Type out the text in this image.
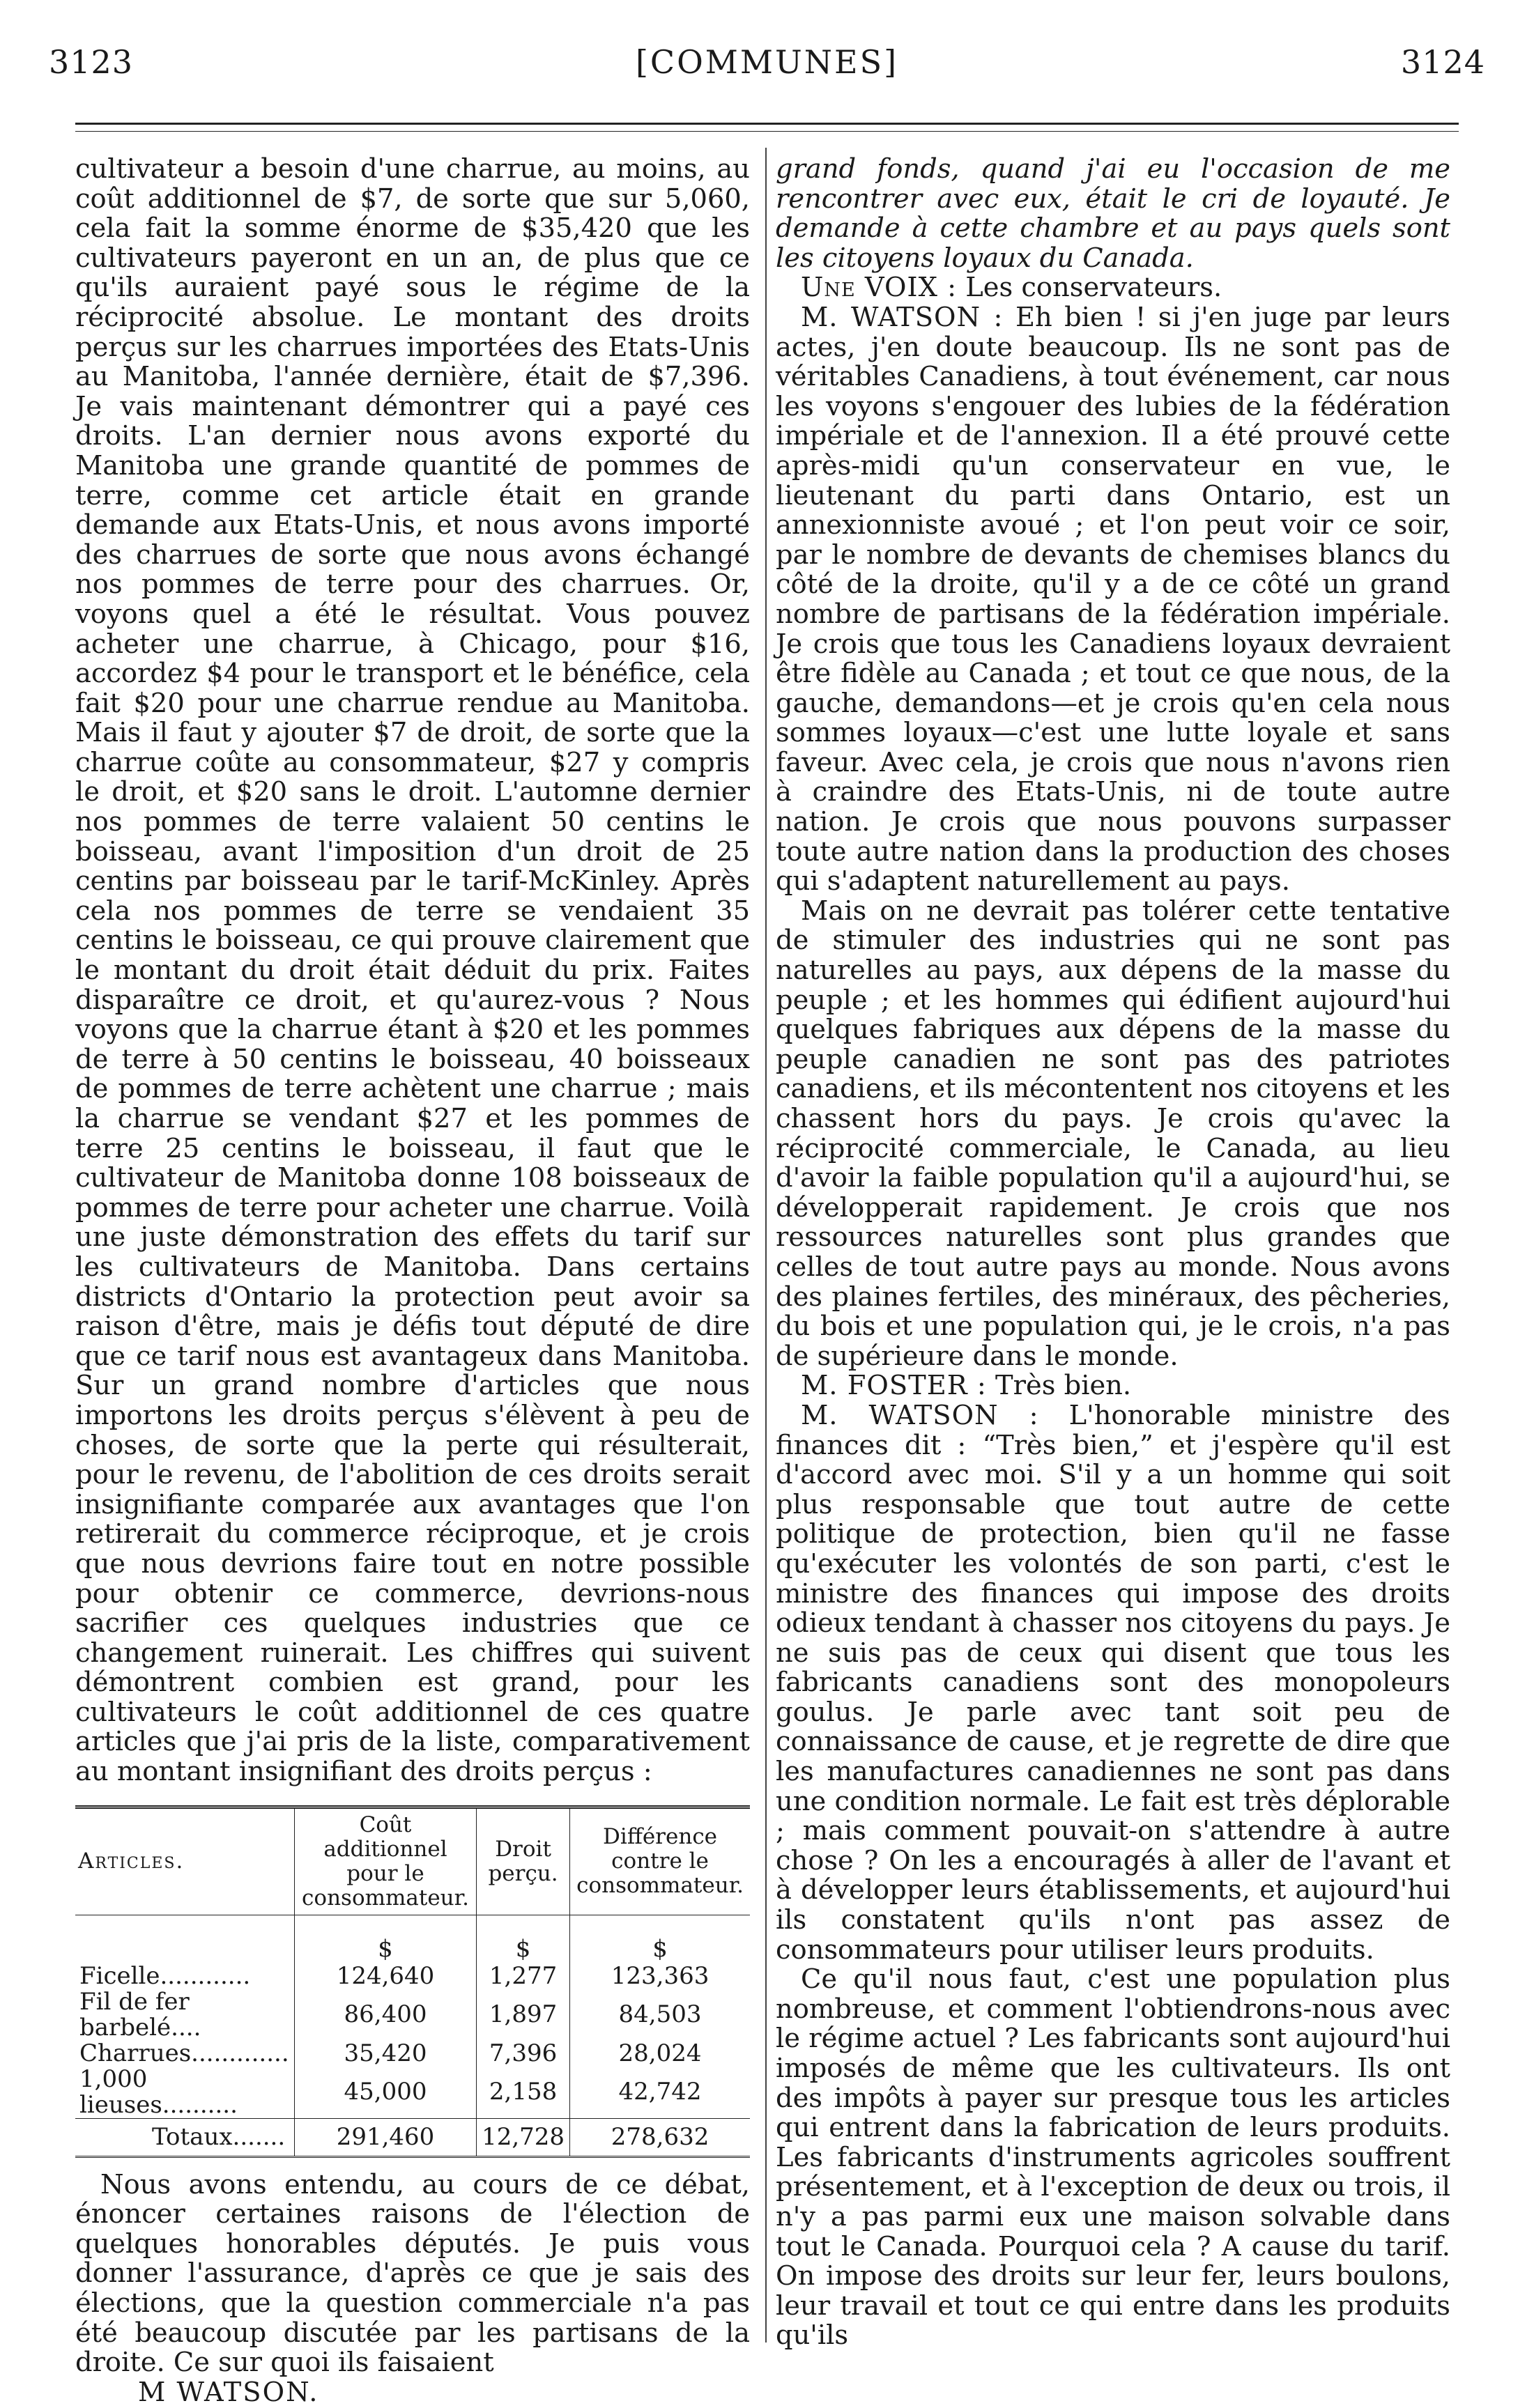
3123	[COMMUNES]	3124

cultivateur a besoin d'une charrue, au moins, au coût additionnel de $7, de sorte que sur 5,060, cela fait la somme énorme de $35,420 que les cultivateurs payeront en un an, de plus que ce qu'ils auraient payé sous le régime de la réciprocité absolue. Le montant des droits perçus sur les charrues importées des Etats-Unis au Manitoba, l'année dernière, était de $7,396. Je vais maintenant démontrer qui a payé ces droits. L'an dernier nous avons exporté du Manitoba une grande quantité de pommes de terre, comme cet article était en grande demande aux Etats-Unis, et nous avons importé des charrues de sorte que nous avons échangé nos pommes de terre pour des charrues. Or, voyons quel a été le résultat. Vous pouvez acheter une charrue, à Chicago, pour $16, accordez $4 pour le transport et le bénéfice, cela fait $20 pour une charrue rendue au Manitoba. Mais il faut y ajouter $7 de droit, de sorte que la charrue coûte au consommateur, $27 y compris le droit, et $20 sans le droit. L'automne dernier nos pommes de terre valaient 50 centins le boisseau, avant l'imposition d'un droit de 25 centins par boisseau par le tarif-McKinley. Après cela nos pommes de terre se vendaient 35 centins le boisseau, ce qui prouve clairement que le montant du droit était déduit du prix. Faites disparaître ce droit, et qu'aurez-vous ? Nous voyons que la charrue étant à $20 et les pommes de terre à 50 centins le boisseau, 40 boisseaux de pommes de terre achètent une charrue ; mais la charrue se vendant $27 et les pommes de terre 25 centins le boisseau, il faut que le cultivateur de Manitoba donne 108 boisseaux de pommes de terre pour acheter une charrue. Voilà une juste démonstration des effets du tarif sur les cultivateurs de Manitoba. Dans certains districts d'Ontario la protection peut avoir sa raison d'être, mais je défis tout député de dire que ce tarif nous est avantageux dans Manitoba. Sur un grand nombre d'articles que nous importons les droits perçus s'élèvent à peu de choses, de sorte que la perte qui résulterait, pour le revenu, de l'abolition de ces droits serait insignifiante comparée aux avantages que l'on retirerait du commerce réciproque, et je crois que nous devrions faire tout en notre possible pour obtenir ce commerce, devrions-nous sacrifier ces quelques industries que ce changement ruinerait. Les chiffres qui suivent démontrent combien est grand, pour les cultivateurs le coût additionnel de ces quatre articles que j'ai pris de la liste, comparativement au montant insignifiant des droits perçus :

Articles.	Coût additionnel pour le consommateur.	Droit perçu.	Différence contre le consommateur.
	$	$	$
Ficelle............	124,640	1,277	123,363
Fil de fer barbelé....	86,400	1,897	84,503
Charrues.............	35,420	7,396	28,024
1,000 lieuses..........	45,000	2,158	42,742
Totaux.......	291,460	12,728	278,632

Nous avons entendu, au cours de ce débat, énoncer certaines raisons de l'élection de quelques honorables députés. Je puis vous donner l'assurance, d'après ce que je sais des élections, que la question commerciale n'a pas été beaucoup discutée par les partisans de la droite. Ce sur quoi ils faisaient

M WATSON.

grand fonds, quand j'ai eu l'occasion de me rencontrer avec eux, était le cri de loyauté. Je demande à cette chambre et au pays quels sont les citoyens loyaux du Canada.

Une VOIX : Les conservateurs.

M. WATSON : Eh bien ! si j'en juge par leurs actes, j'en doute beaucoup. Ils ne sont pas de véritables Canadiens, à tout événement, car nous les voyons s'engouer des lubies de la fédération impériale et de l'annexion. Il a été prouvé cette après-midi qu'un conservateur en vue, le lieutenant du parti dans Ontario, est un annexionniste avoué ; et l'on peut voir ce soir, par le nombre de devants de chemises blancs du côté de la droite, qu'il y a de ce côté un grand nombre de partisans de la fédération impériale. Je crois que tous les Canadiens loyaux devraient être fidèle au Canada ; et tout ce que nous, de la gauche, demandons—et je crois qu'en cela nous sommes loyaux—c'est une lutte loyale et sans faveur. Avec cela, je crois que nous n'avons rien à craindre des Etats-Unis, ni de toute autre nation. Je crois que nous pouvons surpasser toute autre nation dans la production des choses qui s'adaptent naturellement au pays.

Mais on ne devrait pas tolérer cette tentative de stimuler des industries qui ne sont pas naturelles au pays, aux dépens de la masse du peuple ; et les hommes qui édifient aujourd'hui quelques fabriques aux dépens de la masse du peuple canadien ne sont pas des patriotes canadiens, et ils mécontentent nos citoyens et les chassent hors du pays. Je crois qu'avec la réciprocité commerciale, le Canada, au lieu d'avoir la faible population qu'il a aujourd'hui, se développerait rapidement. Je crois que nos ressources naturelles sont plus grandes que celles de tout autre pays au monde. Nous avons des plaines fertiles, des minéraux, des pêcheries, du bois et une population qui, je le crois, n'a pas de supérieure dans le monde.

M. FOSTER : Très bien.

M. WATSON : L'honorable ministre des finances dit : “Très bien,” et j'espère qu'il est d'accord avec moi. S'il y a un homme qui soit plus responsable que tout autre de cette politique de protection, bien qu'il ne fasse qu'exécuter les volontés de son parti, c'est le ministre des finances qui impose des droits odieux tendant à chasser nos citoyens du pays. Je ne suis pas de ceux qui disent que tous les fabricants canadiens sont des monopoleurs goulus. Je parle avec tant soit peu de connaissance de cause, et je regrette de dire que les manufactures canadiennes ne sont pas dans une condition normale. Le fait est très déplorable ; mais comment pouvait-on s'attendre à autre chose ? On les a encouragés à aller de l'avant et à développer leurs établissements, et aujourd'hui ils constatent qu'ils n'ont pas assez de consommateurs pour utiliser leurs produits.

Ce qu'il nous faut, c'est une population plus nombreuse, et comment l'obtiendrons-nous avec le régime actuel ? Les fabricants sont aujourd'hui imposés de même que les cultivateurs. Ils ont des impôts à payer sur presque tous les articles qui entrent dans la fabrication de leurs produits. Les fabricants d'instruments agricoles souffrent présentement, et à l'exception de deux ou trois, il n'y a pas parmi eux une maison solvable dans tout le Canada. Pourquoi cela ? A cause du tarif. On impose des droits sur leur fer, leurs boulons, leur travail et tout ce qui entre dans les produits qu'ils
